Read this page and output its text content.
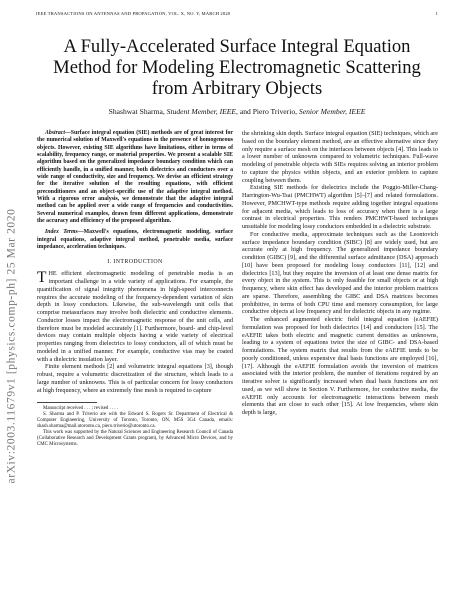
IEEE TRANSACTIONS ON ANTENNAS AND PROPAGATION, VOL. X, NO. Y, MARCH 2020	1
arXiv:2003.11679v1 [physics.comp-ph] 25 Mar 2020
A Fully-Accelerated Surface Integral Equation
Method for Modeling Electromagnetic Scattering
from Arbitrary Objects
Shashwat Sharma, Student Member, IEEE, and Piero Triverio, Senior Member, IEEE

Abstract—Surface integral equation (SIE) methods are of great interest for the numerical solution of Maxwell's equations in the presence of homogeneous objects. However, existing SIE algorithms have limitations, either in terms of scalability, frequency range, or material properties. We present a scalable SIE algorithm based on the generalized impedance boundary condition which can efficiently handle, in a unified manner, both dielectrics and conductors over a wide range of conductivity, size and frequency. We devise an efficient strategy for the iterative solution of the resulting equations, with efficient preconditioners and an object-specific use of the adaptive integral method. With a rigorous error analysis, we demonstrate that the adaptive integral method can be applied over a wide range of frequencies and conductivities. Several numerical examples, drawn from different applications, demonstrate the accuracy and efficiency of the proposed algorithm.

Index Terms—Maxwell's equations, electromagnetic modeling, surface integral equations, adaptive integral method, penetrable media, surface impedance, acceleration techniques.

I. INTRODUCTION
THE efficient electromagnetic modeling of penetrable media is an important challenge in a wide variety of applications. For example, the quantification of signal integrity phenomena in high-speed interconnects requires the accurate modeling of the frequency-dependent variation of skin depth in lossy conductors. Likewise, the sub-wavelength unit cells that comprise metasurfaces may involve both dielectric and conductive elements. Conductor losses impact the electromagnetic response of the unit cells, and therefore must be modeled accurately [1]. Furthermore, board- and chip-level devices may contain multiple objects having a wide variety of electrical properties ranging from dielectrics to lossy conductors, all of which must be modeled in a unified manner. For example, conductive vias may be coated with a dielectric insulation layer.

Finite element methods [2] and volumetric integral equations [3], though robust, require a volumetric discretization of the structure, which leads to a large number of unknowns. This is of particular concern for lossy conductors at high frequency, where an extremely fine mesh is required to capture

Manuscript received . . . ; revised . . . .

S. Sharma and P. Triverio are with the Edward S. Rogers Sr. Department of Electrical & Computer Engineering, University of Toronto, Toronto, ON, M5S 3G4 Canada, emails: shash.sharma@mail.utoronto.ca, piero.triverio@utoronto.ca.

This work was supported by the Natural Sciences and Engineering Research Council of Canada (Collaborative Research and Development Grants program), by Advanced Micro Devices, and by CMC Microsystems.

the shrinking skin depth. Surface integral equation (SIE) techniques, which are based on the boundary element method, are an effective alternative since they only require a surface mesh on the interfaces between objects [4]. This leads to a lower number of unknowns compared to volumetric techniques. Full-wave modeling of penetrable objects with SIEs requires solving an interior problem to capture the physics within objects, and an exterior problem to capture coupling between them.

Existing SIE methods for dielectrics include the Poggio-Miller-Chang-Harrington-Wu-Tsai (PMCHWT) algorithm [5]–[7] and related formulations. However, PMCHWT-type methods require adding together integral equations for adjacent media, which leads to loss of accuracy when there is a large contrast in electrical properties. This renders PMCHWT-based techniques unsuitable for modeling lossy conductors embedded in a dielectric substrate.

For conductive media, approximate techniques such as the Leontovich surface impedance boundary condition (SIBC) [8] are widely used, but are accurate only at high frequency. The generalized impedance boundary condition (GIBC) [9], and the differential surface admittance (DSA) approach [10] have been proposed for modeling lossy conductors [11], [12] and dielectrics [13], but they require the inversion of at least one dense matrix for every object in the system. This is only feasible for small objects or at high frequency, where skin effect has developed and the interior problem matrices are sparse. Therefore, assembling the GIBC and DSA matrices becomes prohibitive, in terms of both CPU time and memory consumption, for large conductive objects at low frequency and for dielectric objects in any regime.

The enhanced augmented electric field integral equation (eAEFIE) formulation was proposed for both dielectrics [14] and conductors [15]. The eAEFIE takes both electric and magnetic current densities as unknowns, leading to a system of equations twice the size of GIBC- and DSA-based formulations. The system matrix that results from the eAEFIE tends to be poorly conditioned, unless expensive dual basis functions are employed [16], [17]. Although the eAEFIE formulation avoids the inversion of matrices associated with the interior problem, the number of iterations required by an iterative solver is significantly increased when dual basis functions are not used, as we will show in Section V. Furthermore, for conductive media, the eAEFIE only accounts for electromagnetic interactions between mesh elements that are close to each other [15]. At low frequencies, where skin depth is large,
